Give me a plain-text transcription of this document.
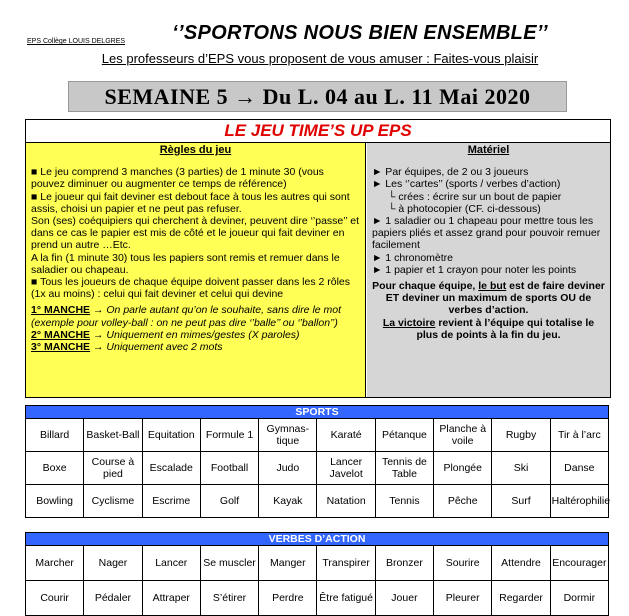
EPS Collège LOUIS DELGRES	‘’SPORTONS NOUS BIEN ENSEMBLE’’
Les professeurs d’EPS vous proposent de vous amuser : Faites-vous plaisir
SEMAINE 5 → Du L. 04 au L. 11 Mai 2020
LE JEU TIME’S UP EPS
Règles du jeu

■ Le jeu comprend 3 manches (3 parties) de 1 minute 30 (vous pouvez diminuer ou augmenter ce temps de référence)

■ Le joueur qui fait deviner est debout face à tous les autres qui sont assis, choisi un papier et ne peut pas refuser.

Son (ses) coéquipiers qui cherchent à deviner, peuvent dire ‘’passe’’ et dans ce cas le papier est mis de côté et le joueur qui fait deviner en prend un autre …Etc.

A la fin (1 minute 30) tous les papiers sont remis et remuer dans le saladier ou chapeau.

■ Tous les joueurs de chaque équipe doivent passer dans les 2 rôles (1x au moins) : celui qui fait deviner et celui qui devine

1° MANCHE → On parle autant qu’on le souhaite, sans dire le mot (exemple pour volley-ball : on ne peut pas dire ‘’balle’’ ou ‘’ballon’’)

2° MANCHE → Uniquement en mimes/gestes (X paroles)

3° MANCHE → Uniquement avec 2 mots

Matériel

► Par équipes, de 2 ou 3 joueurs

► Les ‘’cartes’’ (sports / verbes d’action)

└ crées : écrire sur un bout de papier

└ à photocopier (CF. ci-dessous)

► 1 saladier ou 1 chapeau pour mettre tous les papiers pliés et assez grand pour pouvoir remuer facilement

► 1 chronomètre

► 1 papier et 1 crayon pour noter les points

Pour chaque équipe, le but est de faire deviner ET deviner un maximum de sports OU de verbes d’action.

La victoire revient à l’équipe qui totalise le plus de points à la fin du jeu.

SPORTS									
Billard	Basket-Ball	Equitation	Formule 1	Gymnas-tique	Karaté	Pétanque	Planche à voile	Rugby	Tir à l’arc
Boxe	Course à pied	Escalade	Football	Judo	Lancer Javelot	Tennis de Table	Plongée	Ski	Danse
Bowling	Cyclisme	Escrime	Golf	Kayak	Natation	Tennis	Pêche	Surf	Haltérophilie
VERBES D’ACTION									
Marcher	Nager	Lancer	Se muscler	Manger	Transpirer	Bronzer	Sourire	Attendre	Encourager
Courir	Pédaler	Attraper	S’étirer	Perdre	Être fatigué	Jouer	Pleurer	Regarder	Dormir
